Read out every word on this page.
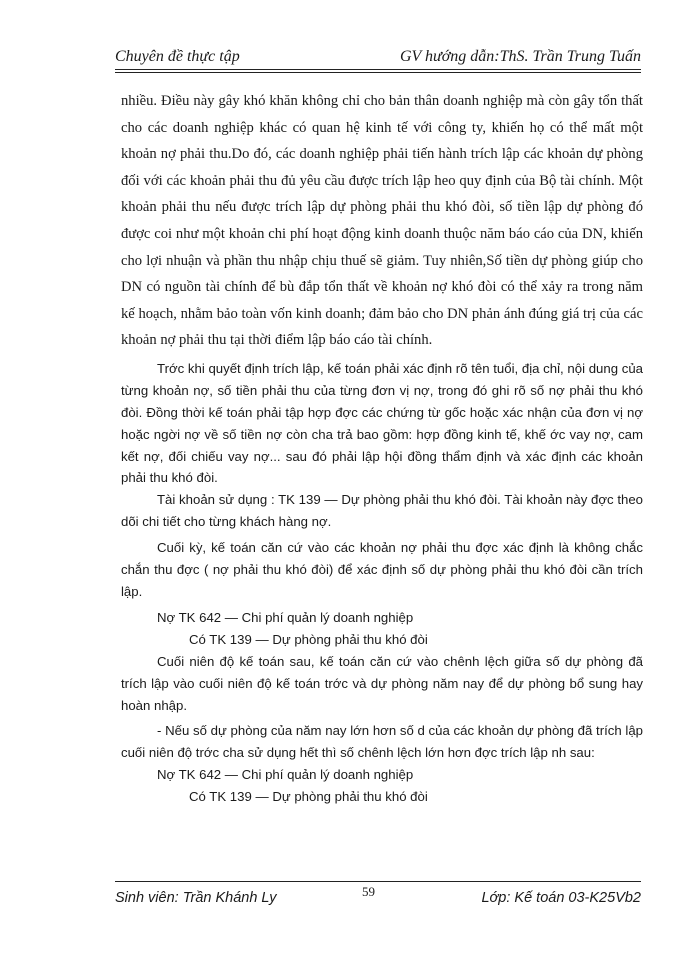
Chuyên đề thực tập	GV hướng dẫn:ThS. Trần Trung Tuấn

nhiều. Điều này gây khó khăn không chỉ cho bản thân doanh nghiệp mà còn gây tổn thất cho các doanh nghiệp khác có quan hệ kinh tế với công ty, khiến họ có thể mất một khoản nợ phải thu.Do đó, các doanh nghiệp phải tiến hành trích lập các khoản dự phòng đối với các khoản phải thu đủ yêu cầu được trích lập heo quy định của Bộ tài chính. Một khoản phải thu nếu được trích lập dự phòng phải thu khó đòi, số tiền lập dự phòng đó được coi như một khoản chi phí hoạt động kinh doanh thuộc năm báo cáo của DN, khiến cho lợi nhuận và phần thu nhập chịu thuế sẽ giảm. Tuy nhiên,Số tiền dự phòng giúp cho DN có nguồn tài chính để bù đắp tổn thất về khoản nợ khó đòi có thể xảy ra trong năm kế hoạch, nhằm bảo toàn vốn kinh doanh; đảm bảo cho DN phản ánh đúng giá trị của các khoản nợ phải thu tại thời điểm lập báo cáo tài chính.

Trớc khi quyết định trích lập, kế toán phải xác định rõ tên tuổi, địa chỉ, nội dung của từng khoản nợ, số tiền phải thu của từng đơn vị nợ, trong đó ghi rõ số nợ phải thu khó đòi. Đồng thời kế toán phải tập hợp đợc các chứng từ gốc hoặc xác nhận của đơn vị nợ hoặc ngời nợ về số tiền nợ còn cha trả bao gồm: hợp đồng kinh tế, khế ớc vay nợ, cam kết nợ, đối chiếu vay nợ... sau đó phải lập hội đồng thẩm định và xác định các khoản phải thu khó đòi.

Tài khoản sử dụng : TK 139 — Dự phòng phải thu khó đòi. Tài khoản này đợc theo dõi chi tiết cho từng khách hàng nợ.

Cuối kỳ, kế toán căn cứ vào các khoản nợ phải thu đợc xác định là không chắc chắn thu đợc ( nợ phải thu khó đòi) để xác định số dự phòng phải thu khó đòi cần trích lập.

Nợ TK 642 — Chi phí quản lý doanh nghiệp

Có TK 139 — Dự phòng phải thu khó đòi

Cuối niên độ kế toán sau, kế toán căn cứ vào chênh lệch giữa số dự phòng đã trích lập vào cuối niên độ kế toán trớc và dự phòng năm nay để dự phòng bổ sung hay hoàn nhập.

- Nếu số dự phòng của năm nay lớn hơn số d của các khoản dự phòng đã trích lập cuối niên độ trớc cha sử dụng hết thì số chênh lệch lớn hơn đợc trích lập nh sau:

Nợ TK 642 — Chi phí quản lý doanh nghiệp

Có TK 139 — Dự phòng phải thu khó đòi

Sinh viên: Trần Khánh Ly	59	Lớp: Kế toán 03-K25Vb2
